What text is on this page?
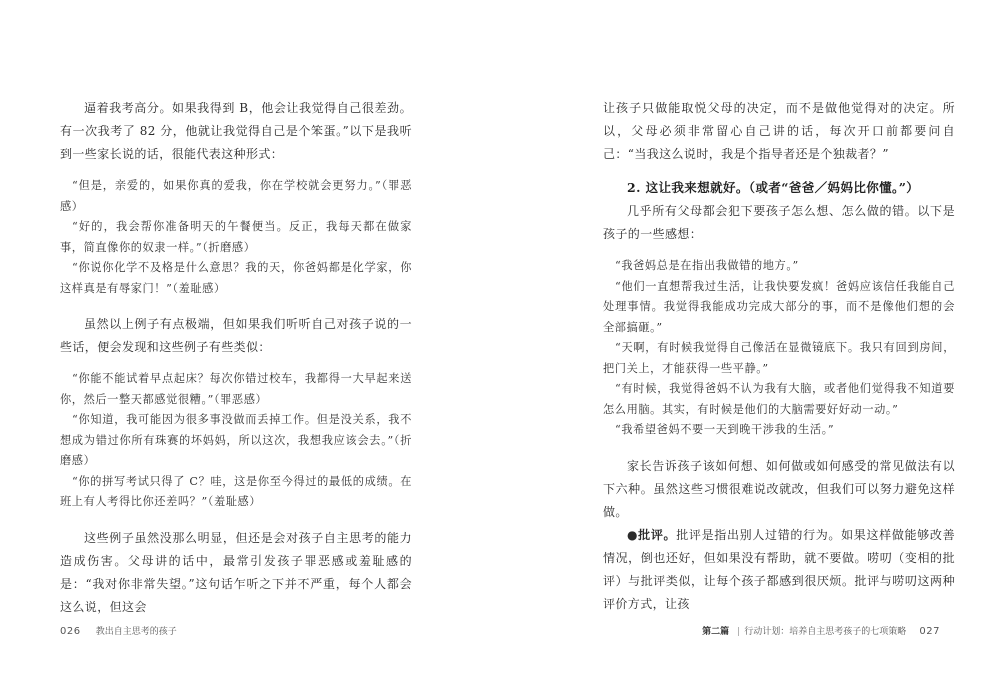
逼着我考高分。如果我得到 B，他会让我觉得自己很差劲。有一次我考了 82 分，他就让我觉得自己是个笨蛋。”以下是我听到一些家长说的话，很能代表这种形式：

“但是，亲爱的，如果你真的爱我，你在学校就会更努力。”（罪恶感）

“好的，我会帮你准备明天的午餐便当。反正，我每天都在做家事，简直像你的奴隶一样。”（折磨感）

“你说你化学不及格是什么意思？我的天，你爸妈都是化学家，你这样真是有辱家门！”（羞耻感）

虽然以上例子有点极端，但如果我们听听自己对孩子说的一些话，便会发现和这些例子有些类似：

“你能不能试着早点起床？每次你错过校车，我都得一大早起来送你，然后一整天都感觉很糟。”（罪恶感）

“你知道，我可能因为很多事没做而丢掉工作。但是没关系，我不想成为错过你所有珠赛的坏妈妈，所以这次，我想我应该会去。”（折磨感）

“你的拼写考试只得了 C？哇，这是你至今得过的最低的成绩。在班上有人考得比你还差吗？”（羞耻感）

这些例子虽然没那么明显，但还是会对孩子自主思考的能力造成伤害。父母讲的话中，最常引发孩子罪恶感或羞耻感的是：“我对你非常失望。”这句话乍听之下并不严重，每个人都会这么说，但这会

026 教出自主思考的孩子

让孩子只做能取悦父母的决定，而不是做他觉得对的决定。所以，父母必须非常留心自己讲的话，每次开口前都要问自己：“当我这么说时，我是个指导者还是个独裁者？”

2. 这让我来想就好。（或者“爸爸／妈妈比你懂。”）

几乎所有父母都会犯下要孩子怎么想、怎么做的错。以下是孩子的一些感想：

“我爸妈总是在指出我做错的地方。”

“他们一直想帮我过生活，让我快要发疯！爸妈应该信任我能自己处理事情。我觉得我能成功完成大部分的事，而不是像他们想的会全部搞砸。”

“天啊，有时候我觉得自己像活在显微镜底下。我只有回到房间，把门关上，才能获得一些平静。”

“有时候，我觉得爸妈不认为我有大脑，或者他们觉得我不知道要怎么用脑。其实，有时候是他们的大脑需要好好动一动。”

“我希望爸妈不要一天到晚干涉我的生活。”

家长告诉孩子该如何想、如何做或如何感受的常见做法有以下六种。虽然这些习惯很难说改就改，但我们可以努力避免这样做。

●批评。批评是指出别人过错的行为。如果这样做能够改善情况，倒也还好，但如果没有帮助，就不要做。唠叨（变相的批评）与批评类似，让每个孩子都感到很厌烦。批评与唠叨这两种评价方式，让孩

第二篇 | 行动计划：培养自主思考孩子的七项策略 027
